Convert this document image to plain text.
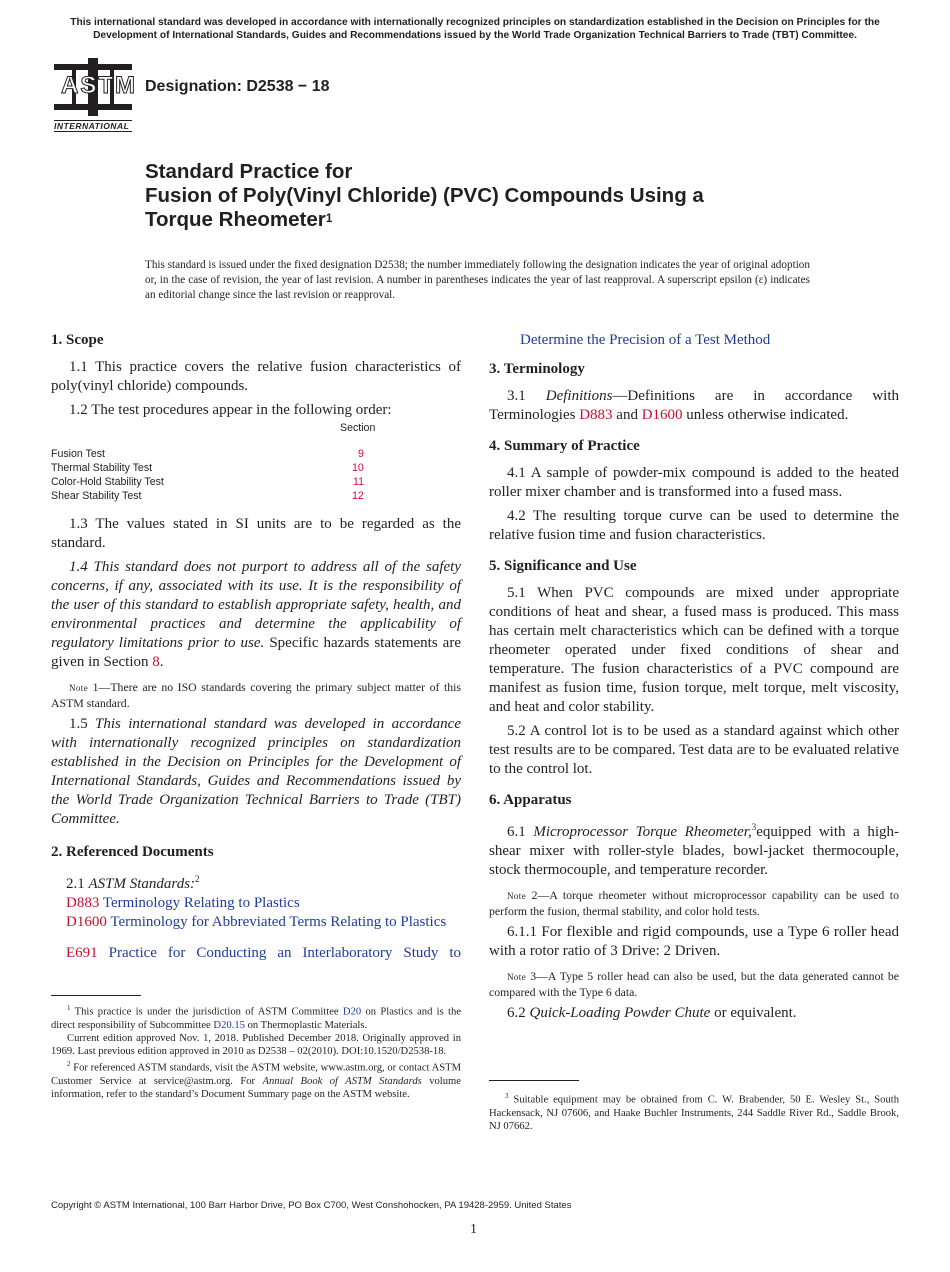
This international standard was developed in accordance with internationally recognized principles on standardization established in the Decision on Principles for the Development of International Standards, Guides and Recommendations issued by the World Trade Organization Technical Barriers to Trade (TBT) Committee.
ASTM
INTERNATIONAL
Designation: D2538 − 18
Standard Practice for
Fusion of Poly(Vinyl Chloride) (PVC) Compounds Using a
Torque Rheometer$^1$
This standard is issued under the fixed designation D2538; the number immediately following the designation indicates the year of original adoption or, in the case of revision, the year of last revision. A number in parentheses indicates the year of last reapproval. A superscript epsilon (ε) indicates an editorial change since the last revision or reapproval.
1. Scope
1.1 This practice covers the relative fusion characteristics of poly(vinyl chloride) compounds.
1.2 The test procedures appear in the following order:
Section
Fusion Test	9
Thermal Stability Test	10
Color-Hold Stability Test	11
Shear Stability Test	12
1.3 The values stated in SI units are to be regarded as the standard.
1.4 This standard does not purport to address all of the safety concerns, if any, associated with its use. It is the responsibility of the user of this standard to establish appropriate safety, health, and environmental practices and determine the applicability of regulatory limitations prior to use. Specific hazards statements are given in Section 8.
Note 1—There are no ISO standards covering the primary subject matter of this ASTM standard.
1.5 This international standard was developed in accordance with internationally recognized principles on standardization established in the Decision on Principles for the Development of International Standards, Guides and Recommendations issued by the World Trade Organization Technical Barriers to Trade (TBT) Committee.
2. Referenced Documents
2.1 ASTM Standards:$^2$
D883 Terminology Relating to Plastics
D1600 Terminology for Abbreviated Terms Relating to Plastics
E691 Practice for Conducting an Interlaboratory Study to
$^1$ This practice is under the jurisdiction of ASTM Committee D20 on Plastics and is the direct responsibility of Subcommittee D20.15 on Thermoplastic Materials.
Current edition approved Nov. 1, 2018. Published December 2018. Originally approved in 1969. Last previous edition approved in 2010 as D2538 – 02(2010). DOI:10.1520/D2538-18.
$^2$ For referenced ASTM standards, visit the ASTM website, www.astm.org, or contact ASTM Customer Service at service@astm.org. For Annual Book of ASTM Standards volume information, refer to the standard’s Document Summary page on the ASTM website.
Determine the Precision of a Test Method
3. Terminology
3.1 Definitions—Definitions are in accordance with Terminologies D883 and D1600 unless otherwise indicated.
4. Summary of Practice
4.1 A sample of powder-mix compound is added to the heated roller mixer chamber and is transformed into a fused mass.
4.2 The resulting torque curve can be used to determine the relative fusion time and fusion characteristics.
5. Significance and Use
5.1 When PVC compounds are mixed under appropriate conditions of heat and shear, a fused mass is produced. This mass has certain melt characteristics which can be defined with a torque rheometer operated under fixed conditions of shear and temperature. The fusion characteristics of a PVC compound are manifest as fusion time, fusion torque, melt torque, melt viscosity, and heat and color stability.
5.2 A control lot is to be used as a standard against which other test results are to be compared. Test data are to be evaluated relative to the control lot.
6. Apparatus
6.1 Microprocessor Torque Rheometer,$^3$equipped with a high-shear mixer with roller-style blades, bowl-jacket thermocouple, stock thermocouple, and temperature recorder.
Note 2—A torque rheometer without microprocessor capability can be used to perform the fusion, thermal stability, and color hold tests.
6.1.1 For flexible and rigid compounds, use a Type 6 roller head with a rotor ratio of 3 Drive: 2 Driven.
Note 3—A Type 5 roller head can also be used, but the data generated cannot be compared with the Type 6 data.
6.2 Quick-Loading Powder Chute or equivalent.
$^3$ Suitable equipment may be obtained from C. W. Brabender, 50 E. Wesley St., South Hackensack, NJ 07606, and Haake Buchler Instruments, 244 Saddle River Rd., Saddle Brook, NJ 07662.
Copyright © ASTM International, 100 Barr Harbor Drive, PO Box C700, West Conshohocken, PA 19428-2959. United States
1
